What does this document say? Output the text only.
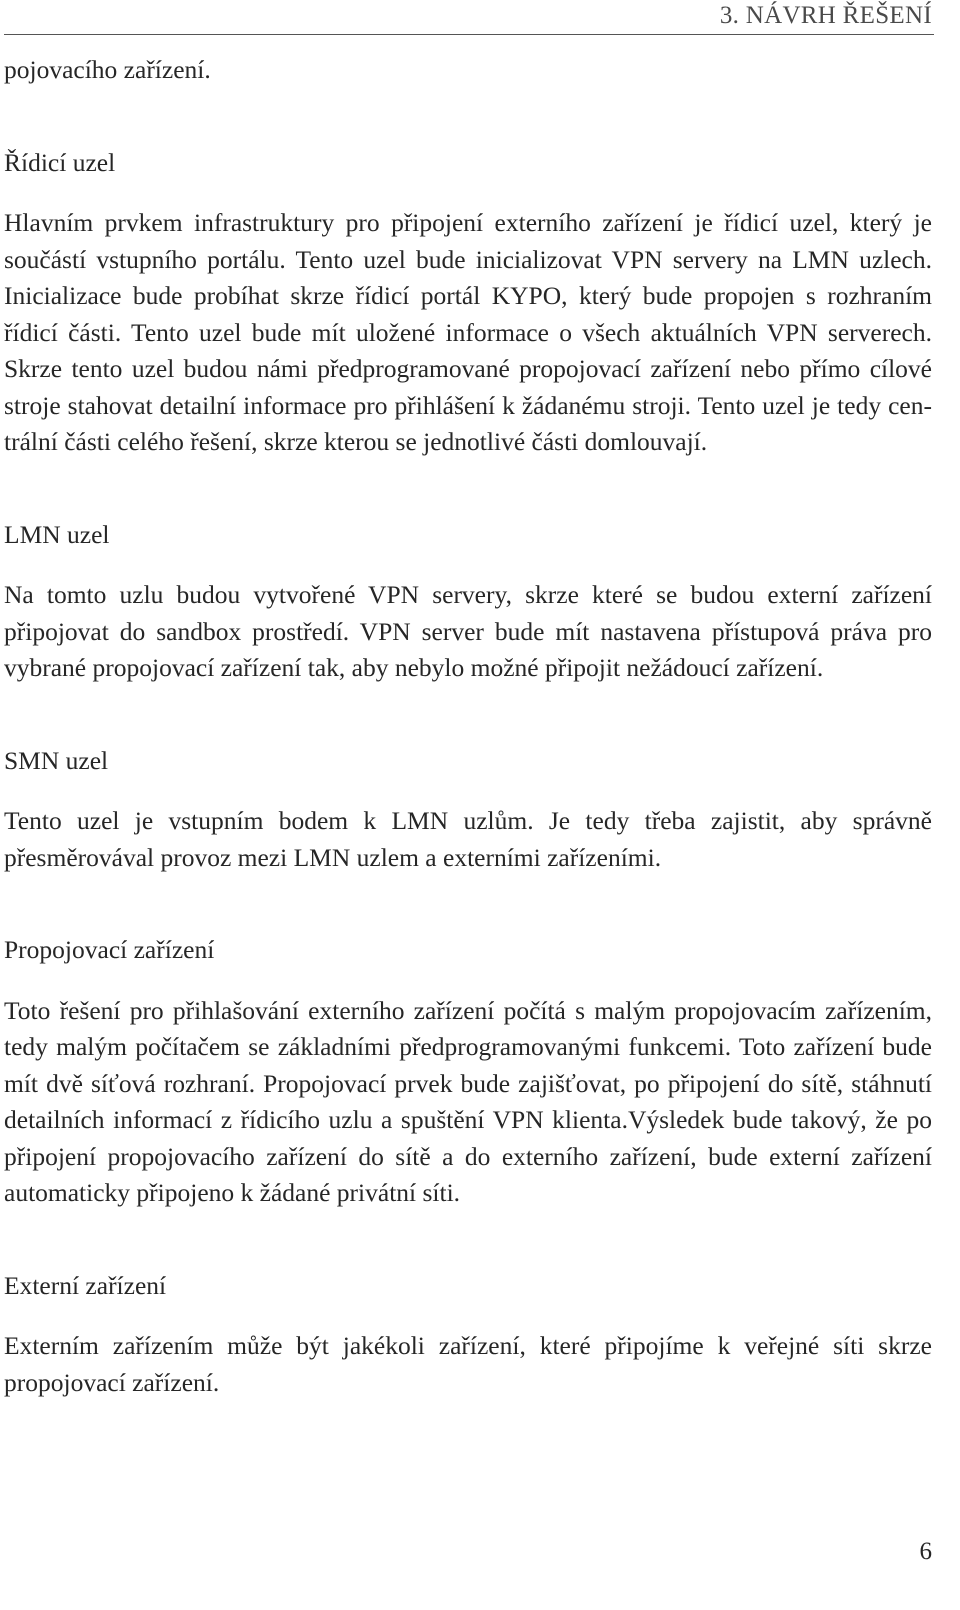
3. NÁVRH ŘEŠENÍ

pojovacího zařízení.

Řídicí uzel

Hlavním prvkem infrastruktury pro připojení externího zařízení je řídicí uzel, který je součástí vstupního portálu. Tento uzel bude inicializovat VPN servery na LMN uzlech. Inicializace bude probíhat skrze řídicí portál KYPO, který bude propojen s rozhraním řídicí části. Tento uzel bude mít uložené informace o všech aktuálních VPN serverech. Skrze tento uzel budou námi předprogramované propojovací zařízení nebo přímo cílové stroje stahovat detailní informace pro přihlášení k žádanému stroji. Tento uzel je tedy centrální části celého řešení, skrze kterou se jednotlivé části domlouvají.

LMN uzel

Na tomto uzlu budou vytvořené VPN servery, skrze které se budou externí zařízení připojovat do sandbox prostředí. VPN server bude mít nastavena přístupová práva pro vybrané propojovací zařízení tak, aby nebylo možné připojit nežádoucí zařízení.

SMN uzel

Tento uzel je vstupním bodem k LMN uzlům. Je tedy třeba zajistit, aby správně přesměrovával provoz mezi LMN uzlem a externími zařízeními.

Propojovací zařízení

Toto řešení pro přihlašování externího zařízení počítá s malým propojovacím zařízením, tedy malým počítačem se základními předprogramovanými funkcemi. Toto zařízení bude mít dvě síťová rozhraní. Propojovací prvek bude zajišťovat, po připojení do sítě, stáhnutí detailních informací z řídicího uzlu a spuštění VPN klienta.Výsledek bude takový, že po připojení propojovacího zařízení do sítě a do externího zařízení, bude externí zařízení automaticky připojeno k žádané privátní síti.

Externí zařízení

Externím zařízením může být jakékoli zařízení, které připojíme k veřejné síti skrze propojovací zařízení.

6
